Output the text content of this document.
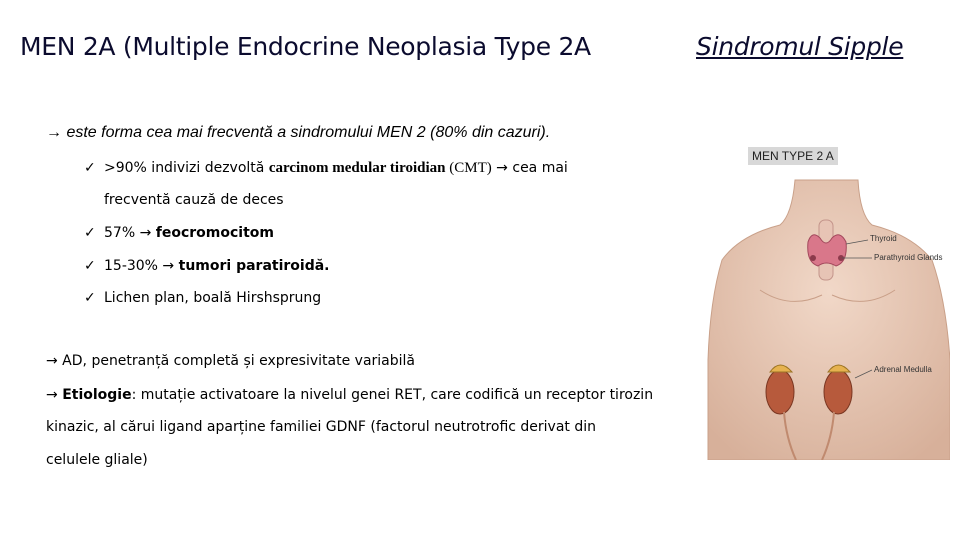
MEN 2A (Multiple Endocrine Neoplasia Type 2A	Sindromul Sipple
→ este forma cea mai frecventă a sindromului MEN 2 (80% din cazuri).
✓ >90% indivizi dezvoltă carcinom medular tiroidian (CMT) → cea mai
frecventă cauză de deces
✓ 57% → feocromocitom
✓ 15-30% → tumori paratiroidă.
✓ Lichen plan, boală Hirshsprung
→ AD, penetranță completă și expresivitate variabilă
→ Etiologie: mutație activatoare la nivelul genei RET, care codifică un receptor tirozin
kinazic, al cărui ligand aparține familiei GDNF (factorul neutrotrofic derivat din
celulele gliale)
MEN TYPE 2 A
Thyroid
Parathyroid Glands
Adrenal Medulla
